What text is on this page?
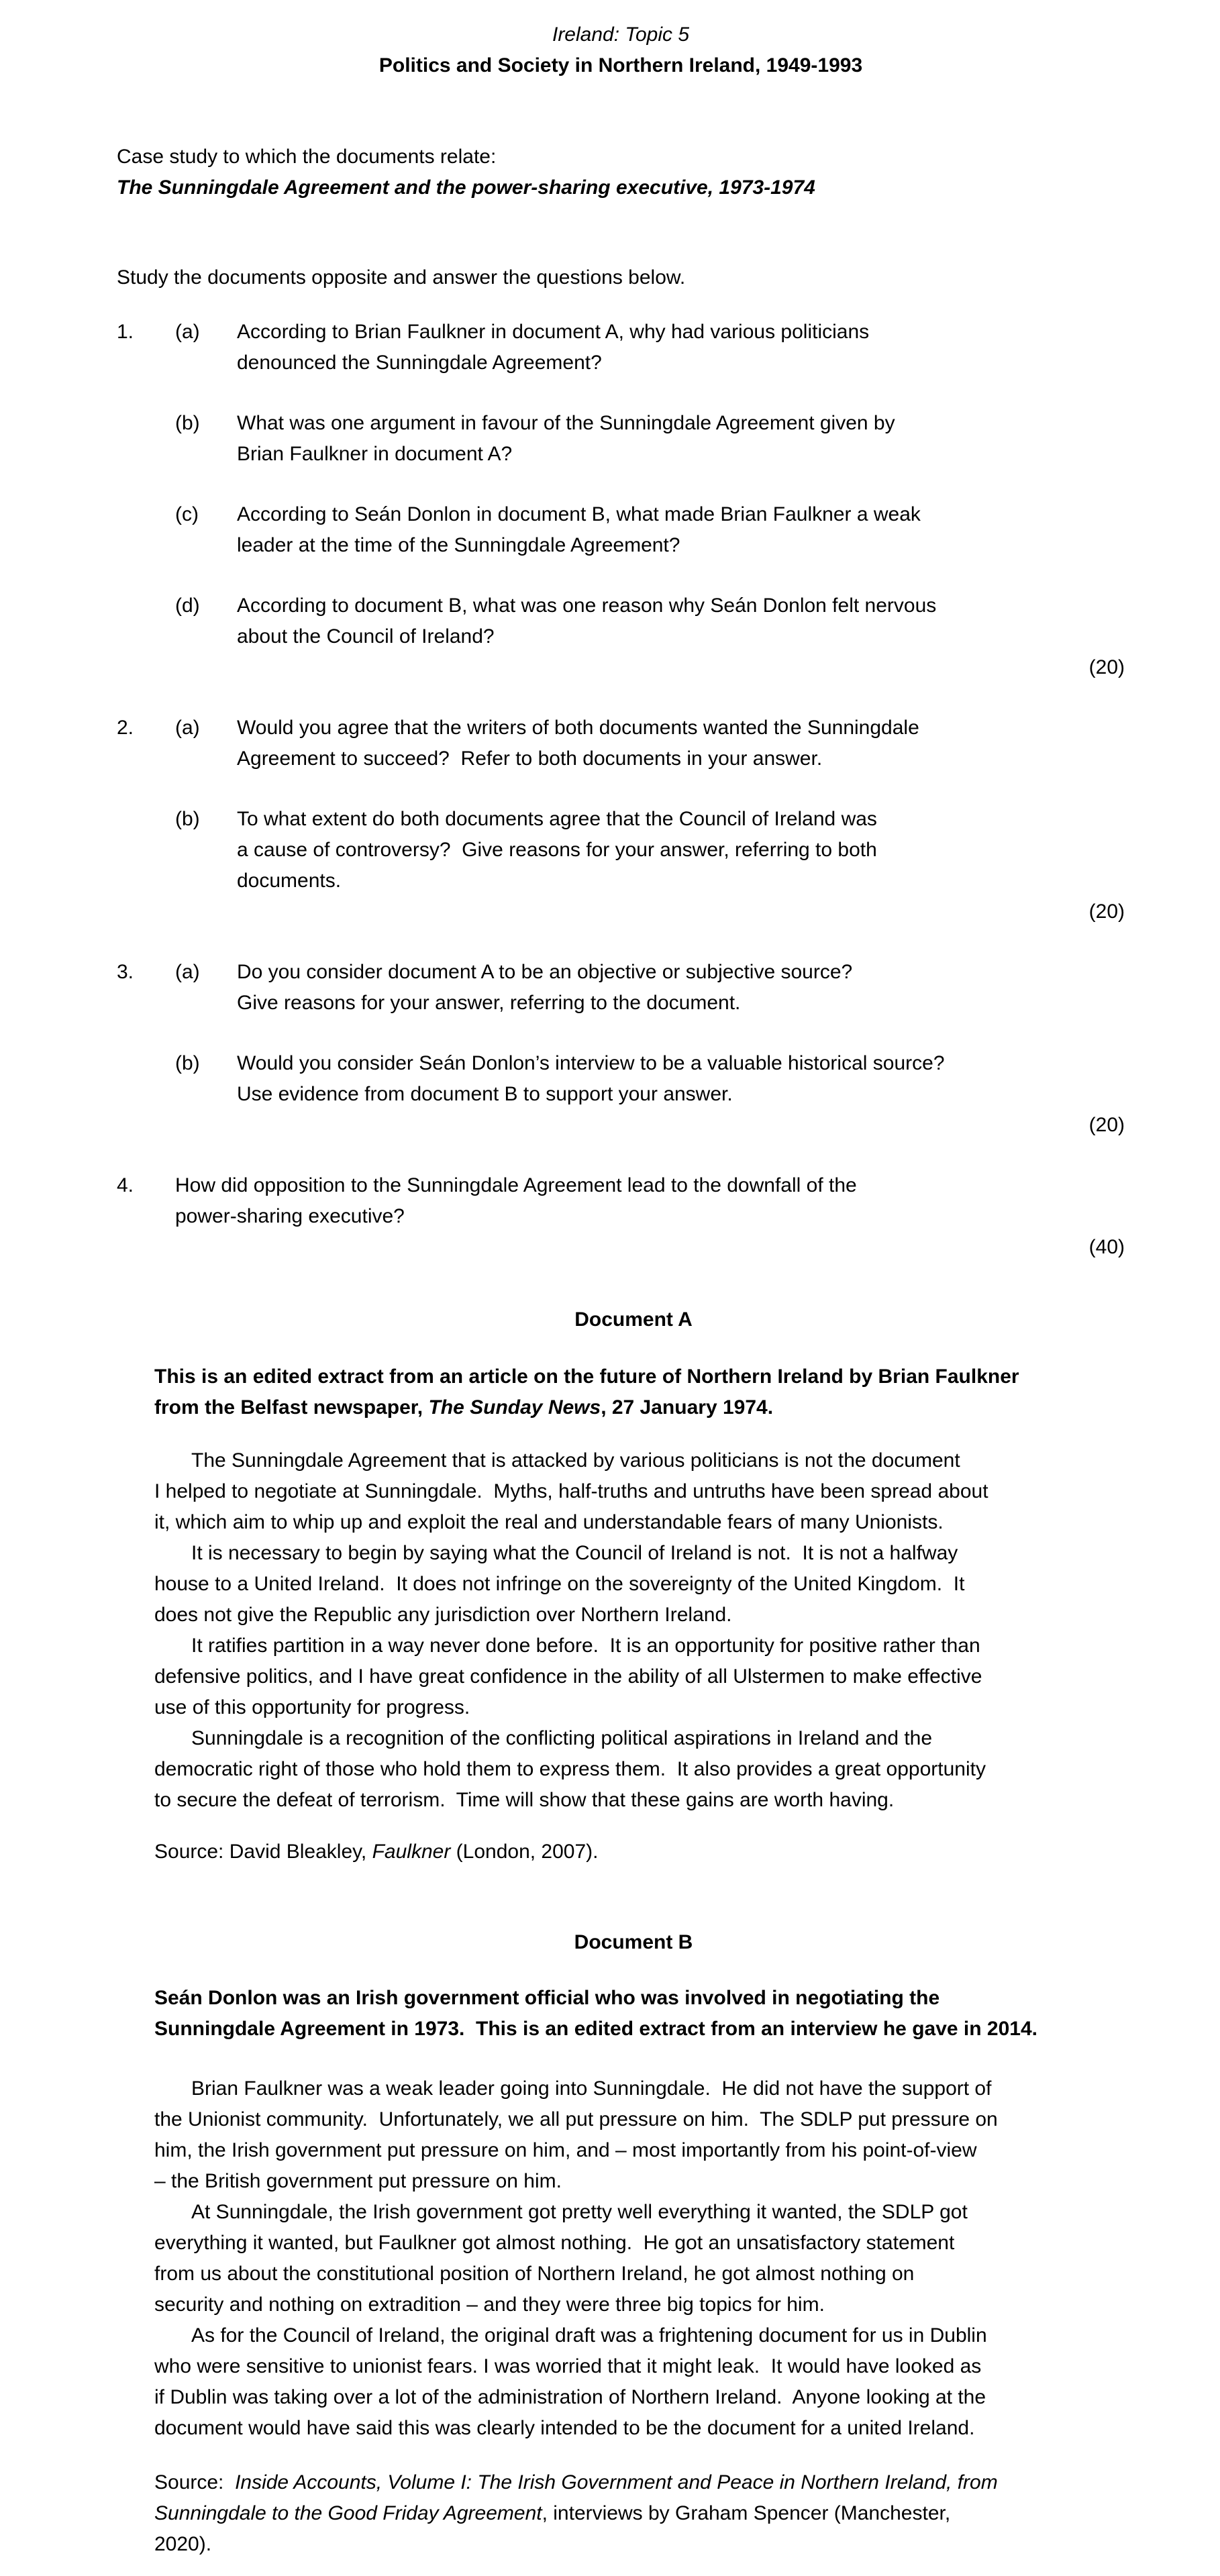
Ireland: Topic 5
Politics and Society in Northern Ireland, 1949-1993
Case study to which the documents relate:
The Sunningdale Agreement and the power-sharing executive, 1973-1974
Study the documents opposite and answer the questions below.
1.	(a)	According to Brian Faulkner in document A, why had various politicians
denounced the Sunningdale Agreement?
(b)	What was one argument in favour of the Sunningdale Agreement given by
Brian Faulkner in document A?
(c)	According to Seán Donlon in document B, what made Brian Faulkner a weak
leader at the time of the Sunningdale Agreement?
(d)	According to document B, what was one reason why Seán Donlon felt nervous
about the Council of Ireland?
(20)
2.	(a)	Would you agree that the writers of both documents wanted the Sunningdale
Agreement to succeed?  Refer to both documents in your answer.
(b)	To what extent do both documents agree that the Council of Ireland was
a cause of controversy?  Give reasons for your answer, referring to both
documents.
(20)
3.	(a)	Do you consider document A to be an objective or subjective source?
Give reasons for your answer, referring to the document.
(b)	Would you consider Seán Donlon’s interview to be a valuable historical source?
Use evidence from document B to support your answer.
(20)
4.	How did opposition to the Sunningdale Agreement lead to the downfall of the
power-sharing executive?
(40)
Document A
This is an edited extract from an article on the future of Northern Ireland by Brian Faulkner
from the Belfast newspaper, The Sunday News, 27 January 1974.
The Sunningdale Agreement that is attacked by various politicians is not the document
I helped to negotiate at Sunningdale.  Myths, half-truths and untruths have been spread about
it, which aim to whip up and exploit the real and understandable fears of many Unionists.
It is necessary to begin by saying what the Council of Ireland is not.  It is not a halfway
house to a United Ireland.  It does not infringe on the sovereignty of the United Kingdom.  It
does not give the Republic any jurisdiction over Northern Ireland.
It ratifies partition in a way never done before.  It is an opportunity for positive rather than
defensive politics, and I have great confidence in the ability of all Ulstermen to make effective
use of this opportunity for progress.
Sunningdale is a recognition of the conflicting political aspirations in Ireland and the
democratic right of those who hold them to express them.  It also provides a great opportunity
to secure the defeat of terrorism.  Time will show that these gains are worth having.
Source: David Bleakley, Faulkner (London, 2007).
Document B
Seán Donlon was an Irish government official who was involved in negotiating the
Sunningdale Agreement in 1973.  This is an edited extract from an interview he gave in 2014.
Brian Faulkner was a weak leader going into Sunningdale.  He did not have the support of
the Unionist community.  Unfortunately, we all put pressure on him.  The SDLP put pressure on
him, the Irish government put pressure on him, and – most importantly from his point-of-view
– the British government put pressure on him.
At Sunningdale, the Irish government got pretty well everything it wanted, the SDLP got
everything it wanted, but Faulkner got almost nothing.  He got an unsatisfactory statement
from us about the constitutional position of Northern Ireland, he got almost nothing on
security and nothing on extradition – and they were three big topics for him.
As for the Council of Ireland, the original draft was a frightening document for us in Dublin
who were sensitive to unionist fears. I was worried that it might leak.  It would have looked as
if Dublin was taking over a lot of the administration of Northern Ireland.  Anyone looking at the
document would have said this was clearly intended to be the document for a united Ireland.
Source:  Inside Accounts, Volume I: The Irish Government and Peace in Northern Ireland, from
Sunningdale to the Good Friday Agreement, interviews by Graham Spencer (Manchester,
2020).
